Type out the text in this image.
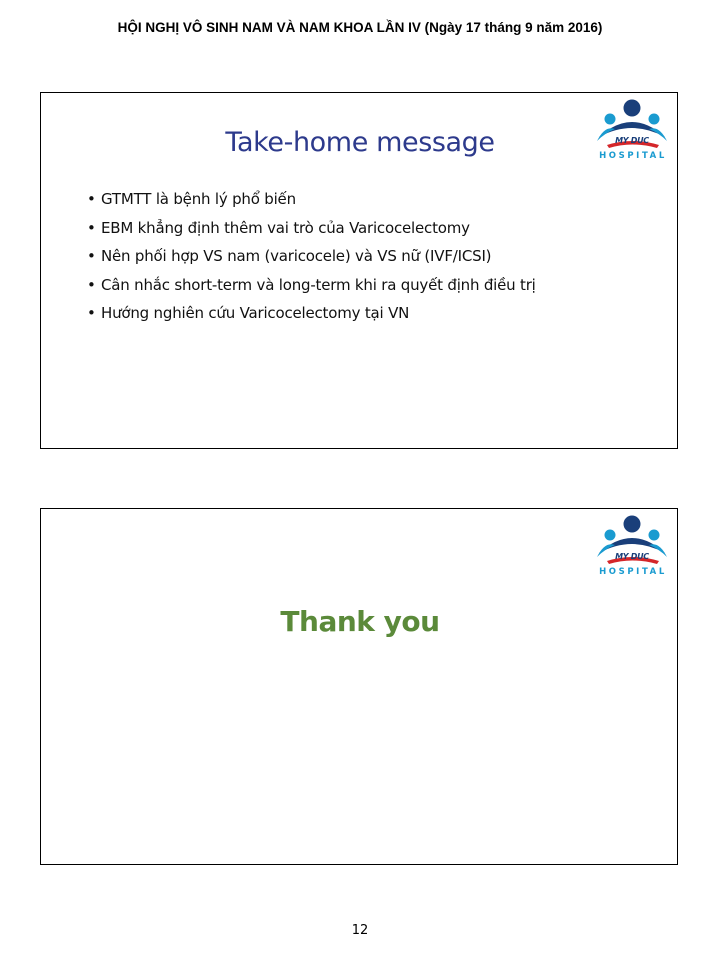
HỘI NGHỊ VÔ SINH NAM VÀ NAM KHOA LẦN IV (Ngày 17 tháng 9 năm 2016)
MY DUC
HOSPITAL
Take-home message
• GTMTT là bệnh lý phổ biến
• EBM khẳng định thêm vai trò của Varicocelectomy
• Nên phối hợp VS nam (varicocele) và VS nữ (IVF/ICSI)
• Cân nhắc short-term và long-term khi ra quyết định điều trị
• Hướng nghiên cứu Varicocelectomy tại VN
MY DUC
HOSPITAL
Thank you
12
